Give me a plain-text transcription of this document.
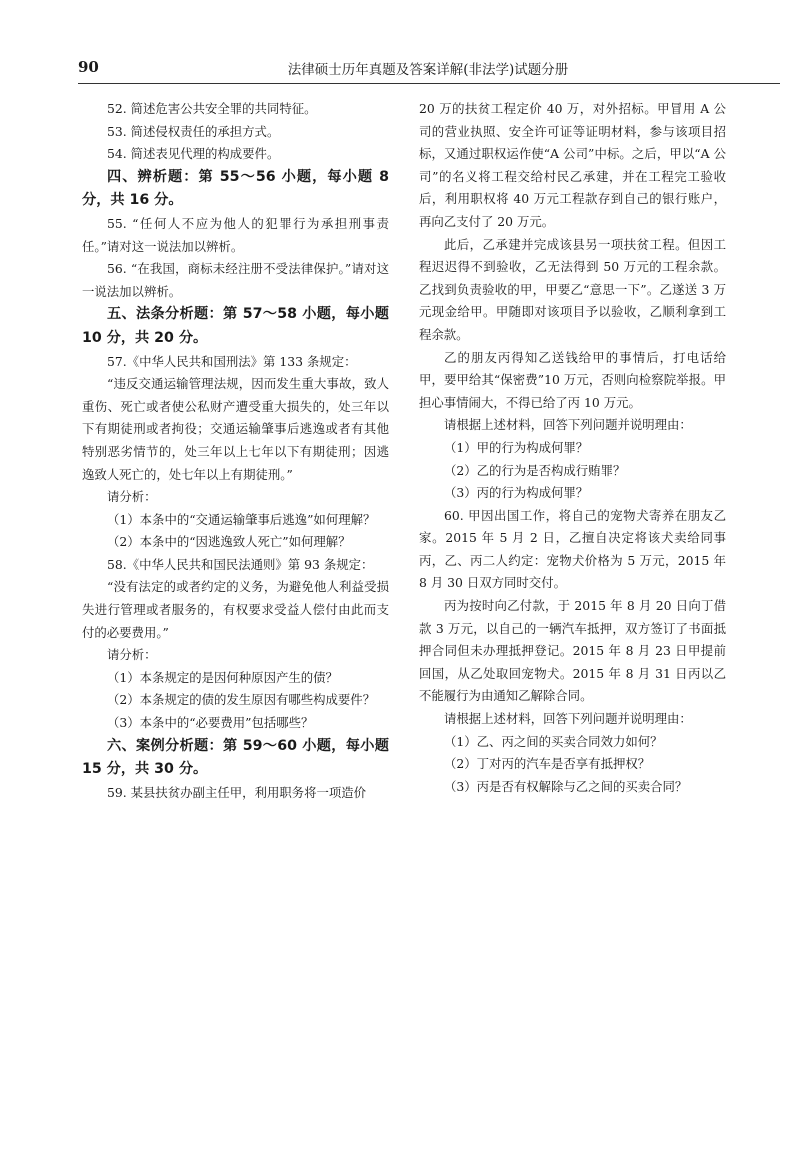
90	法律硕士历年真题及答案详解(非法学)试题分册

52. 简述危害公共安全罪的共同特征。

53. 简述侵权责任的承担方式。

54. 简述表见代理的构成要件。

四、辨析题：第 55～56 小题，每小题 8 分，共 16 分。

55. “任何人不应为他人的犯罪行为承担刑事责任。”请对这一说法加以辨析。

56. “在我国，商标未经注册不受法律保护。”请对这一说法加以辨析。

五、法条分析题：第 57～58 小题，每小题 10 分，共 20 分。

57.《中华人民共和国刑法》第 133 条规定：

“违反交通运输管理法规，因而发生重大事故，致人重伤、死亡或者使公私财产遭受重大损失的，处三年以下有期徒刑或者拘役；交通运输肇事后逃逸或者有其他特别恶劣情节的，处三年以上七年以下有期徒刑；因逃逸致人死亡的，处七年以上有期徒刑。”

请分析：

（1）本条中的“交通运输肇事后逃逸”如何理解？

（2）本条中的“因逃逸致人死亡”如何理解？

58.《中华人民共和国民法通则》第 93 条规定：

“没有法定的或者约定的义务，为避免他人利益受损失进行管理或者服务的，有权要求受益人偿付由此而支付的必要费用。”

请分析：

（1）本条规定的是因何种原因产生的债？

（2）本条规定的债的发生原因有哪些构成要件？

（3）本条中的“必要费用”包括哪些？

六、案例分析题：第 59～60 小题，每小题 15 分，共 30 分。

59. 某县扶贫办副主任甲，利用职务将一项造价

20 万的扶贫工程定价 40 万，对外招标。甲冒用 A 公司的营业执照、安全许可证等证明材料，参与该项目招标，又通过职权运作使“A 公司”中标。之后，甲以“A 公司”的名义将工程交给村民乙承建，并在工程完工验收后，利用职权将 40 万元工程款存到自己的银行账户，再向乙支付了 20 万元。

此后，乙承建并完成该县另一项扶贫工程。但因工程迟迟得不到验收，乙无法得到 50 万元的工程余款。乙找到负责验收的甲，甲要乙“意思一下”。乙遂送 3 万元现金给甲。甲随即对该项目予以验收，乙顺利拿到工程余款。

乙的朋友丙得知乙送钱给甲的事情后，打电话给甲，要甲给其“保密费”10 万元，否则向检察院举报。甲担心事情闹大，不得已给了丙 10 万元。

请根据上述材料，回答下列问题并说明理由：

（1）甲的行为构成何罪？

（2）乙的行为是否构成行贿罪？

（3）丙的行为构成何罪？

60. 甲因出国工作，将自己的宠物犬寄养在朋友乙家。2015 年 5 月 2 日，乙擅自决定将该犬卖给同事丙，乙、丙二人约定：宠物犬价格为 5 万元，2015 年 8 月 30 日双方同时交付。

丙为按时向乙付款，于 2015 年 8 月 20 日向丁借款 3 万元，以自己的一辆汽车抵押，双方签订了书面抵押合同但未办理抵押登记。2015 年 8 月 23 日甲提前回国，从乙处取回宠物犬。2015 年 8 月 31 日丙以乙不能履行为由通知乙解除合同。

请根据上述材料，回答下列问题并说明理由：

（1）乙、丙之间的买卖合同效力如何？

（2）丁对丙的汽车是否享有抵押权？

（3）丙是否有权解除与乙之间的买卖合同？
